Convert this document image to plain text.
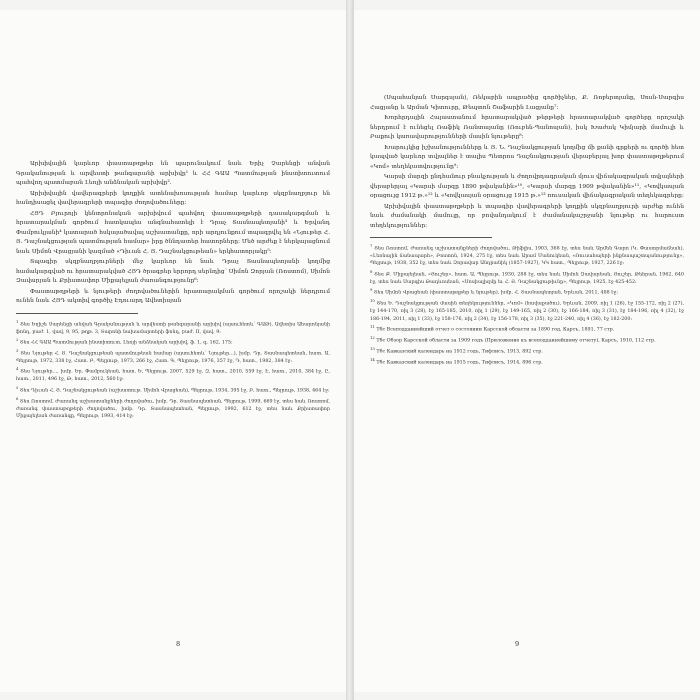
Արխիվային կարևոր փաստաթղթեր են պարունակում նաև Երիչ Չարենցի անվան Գրականության և արվեստի թանգարանի արխիվը¹ և ՀՀ ԳԱԱ Պատմության ինստիտուտում պահվող պատմաբան Լեոյի անձնական արխիվը².

Արխիվային վավերագրերի կողքին ատենախոսության համար կարևոր սկզբնաղբյուր են հանդիսացել վավերագրերի տպագիր ժողովածուները:

ՀՅԴ Բյուրոյի կենտրոնական արխիվում պահվող փաստաթղթերի դասակարգման և հրատարակման գործում հատկապես անգնահատելի է Դրաչ Տասնապետյանի³ և Երվանդ Փամբուկյանի⁴ կատարած հսկայածավալ աշխատանքը, որի արդյունքում տպագրվել են «Նյութեր Հ. Յ. Դաշնակցության պատմության համար» իրը ծննդատեր հատորները: Մեծ արժեք է ներկայացնում նաև Սիմոն Վրացյանի կազմած «Դիւան Հ. Յ. Դաշնակցութեան» երկհատորյակը⁵:

Տպագիր սկզբնաղբյուրների մեջ կարևոր են նաև Դրաչ Տասնապետյանի կողմից համակարգված ու հրատարակված ՀՅԴ ծրագրեր երրորդ սերնդից՝ Սիմոն Զորյան (Ռոստոմ), Սիմոն Զավարյան և Քրիստափոր Միքայելյան ժառանգությունը⁶:

Փաստաթղթերի և նյութերի ժողովածուներին հրատարակման գործում որոշակի ներդրում ունեն նաև ՀՅԴ ակտիվ գործիչ Էդուարդ Ավետիսյան

$^1$ Տես Եղիշե Չարենցի անվան Գրականության և արվեստի թանգարանի արխիվ (այսուհետև՝ ԳԱԹ), Ավետիս Ահարոնյանի ֆոնդ, բաժ. 1, վավ. 9, 95, թղթ. 3, Տարոնի նախամարտերի ֆոնդ, բաժ. II, վավ. 9:

$^2$ Տես ՀՀ ԳԱԱ Պատմության ինստիտուտ, Լեոյի անձնական արխիվ, ֆ. 1, գ. 162, 175:

$^3$ Տես Նյութեր Հ. Յ. Դաշնակցութեան պատմութեան համար (այսուհետև՝ Նյութեր...), խմբ. Դր. Տասնապետեան, հատ. Ա, Պեյրութ, 1972, 338 էջ, Հատ. Բ, Պեյրութ, 1973, 266 էջ, Հատ. Գ, Պեյրութ, 1976, 357 էջ, Դ, հատ., 1982, 384 էջ:

$^4$ Տես Նյութեր..., խմբ. Եր. Փամբուկեան, հատ. Ե, Պեյրութ, 2007, 529 էջ, Զ, հատ., 2010, 559 էջ, Է, հատ., 2010, 384 էջ, Ը, հատ., 2011, 496 էջ, Թ, հատ., 2012, 560 էջ:

$^5$ Տես Դիւան Հ. Յ. Դաշնակցութեան (աշխատութ. Սիմոն Վրացեան), Պեյրութ, 1934, 395 էջ, Բ, հատ., Պեյրութ, 1938, 464 էջ:

$^6$ Տես Ռոստոմ, Ժառանգ աշխատանքների ժողովածու, խմբ. Դր. Տասնապետեան, Պեյրութ, 1999, 669 էջ, տես նաև Ռոստոմ, ժառանգ փաստաթղթերի ժողովածու, խմբ. Դր. Տասնապետեան, Պեյրութ, 1992, 612 էջ, տես նաև Քրիստափոր Միքայելեան ժառանգը, Պեյրութ, 1993, 414 էջ:

8

(Սպահանյան Սարգսյան), Ռեկաբին ապրածից գործիչներ, Ք. Ռոբերտյանը, Սոսն-Սարգիս Հացյանը և Արման Կիտուրը, Թեպտոն Շաֆարին Լացյանը⁷:

Խորհրդային Հայաստանում հրատարակված թերթերի հրատարակված գործերը որոշակի ներդրում է ունեցել Ռաֆիկ Ռանտայանը (Ռուբեն-Պանոսյան), իսկ Խաժակ Կիմյարի մամուլի և Բաքուի կառավարությունների մասին նյութերը⁸:

Խարույկից իշխանությունները և Յ. Ն. Դաշնակցության կողմից մի քանի գրքերի ու գործի հետ կապված կարևոր տվյալներ է տալիս Պետրոս Դաշնակցության վերաբերյալ խոր փաստաթղթերում «Կոմ» տեղեկատվությունը⁹:

Կարսի մարզի ընդհանուր բնակչության և ժողովրդագրական մյուս վիճակագրական տվյալների վերաբերյալ «Կարսի մարզը 1890 թվականին»¹⁰, «Կարսի մարզը 1909 թվականին»¹¹, «Կովկասյան օրացույց 1912 թ.»¹² և «Կովկասյան օրացույց 1915 թ.»¹³ ռուսական վիճակագրական տեղեկագրերը:

Արխիվային փաստաթղթերի և տպագիր վավերագրերի կողքին սկզբնաղբյուրի արժեք ունեն նաև ժամանակի մամուլը, որ բովանդակում է ժամանակաշրջանի նյութեր ու հարուստ տեղեկություններ:

$^7$ Տես Ռոստոմ, Ժառանգ աշխատանքների ժողովածու, Թիֆլիս, 1903, 368 էջ, տես նաև Արմեն Գարո (Կ. Փաստրմաճեան), «Լեռնային ճանապարհ», Բոստոն, 1924, 275 էջ, տես նաև Արամ Մանուկեան, «Ռուսահայերի ինքնապաշտպանությունը», Պեյրութ, 1938, 352 էջ, տես նաև Զորավար Անդրանիկ (1857-1927), ԿԿ հատ., Պեյրութ, 1927, 226 էջ:

$^8$ Տես Ք. Միքայելեան, «Յուշեր», հատ. Ա, Պեյրութ, 1930, 288 էջ, տես նաև Սիմոն Զավարեան, Յուշեր, Թեհրան, 1962, 640 էջ, տես նաև Սարգիս Թադևոսեան, «Սոսիալիզմը եւ Հ. Յ. Դաշնակցութիւնը», Պեյրութ, 1925, էջ 425-452:

$^9$ Տես Սիմոն Վրացեան (փաստաթղթեր և նյութեր), խմբ. Հ. Տասնապետյան, Երևան, 2011, 488 էջ:

$^{10}$ Տես Ե. Դաշնակցության մասին տեղեկություններ, «Կոմ» (հավաքածու), Երևան, 2009, ռիլ 1 (26), էջ 155-172, ռիլ 2 (27), էջ 144-170, ռիլ 3 (28), էջ 165-185, 2010, ռիլ 1 (29), էջ 149-165, ռիլ 2 (30), էջ 166-184, ռիլ 3 (31), էջ 184-196, ռիլ 4 (32), էջ 186-194, 2011, ռիլ 1 (33), էջ 158-176, ռիլ 2 (34), էջ 156-178, ռիլ 3 (35), էջ 221-240, ռիլ 4 (36), էջ 182-200:

$^{11}$ Тбс Всеподданнейший отчет о состоянии Карсской области за 1890 год, Карсъ, 1891, 77 стр.

$^{12}$ Тбс Обзор Карсской области за 1909 годъ (Приложение къ всеподданнейшему отчету), Карсъ, 1910, 112 стр.

$^{13}$ Тбс Кавказский календарь на 1912 годъ, Тифлисъ, 1913, 892 стр.

$^{14}$ Тбс Кавказский календарь на 1915 годъ, Тифлисъ, 1914, 896 стр.

9
